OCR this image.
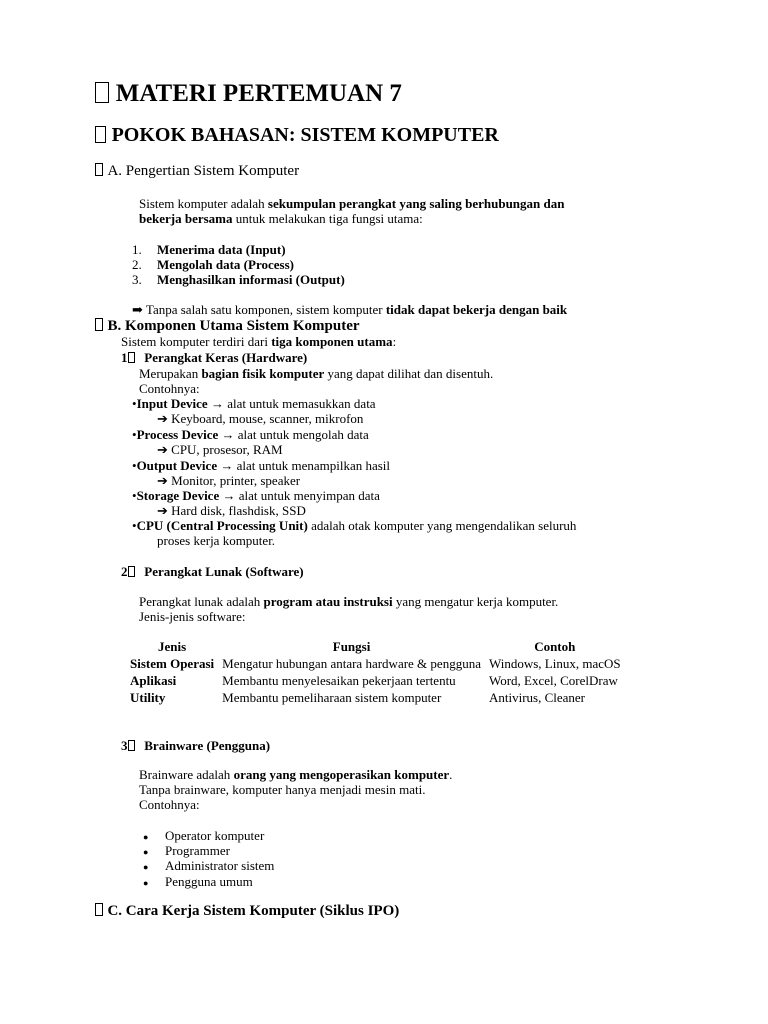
MATERI PERTEMUAN 7
POKOK BAHASAN: SISTEM KOMPUTER
A. Pengertian Sistem Komputer
Sistem komputer adalah sekumpulan perangkat yang saling berhubungan dan
bekerja bersama untuk melakukan tiga fungsi utama:
1. Menerima data (Input)
2. Mengolah data (Process)
3. Menghasilkan informasi (Output)
➡ Tanpa salah satu komponen, sistem komputer tidak dapat bekerja dengan baik
B. Komponen Utama Sistem Komputer
Sistem komputer terdiri dari tiga komponen utama:
1 Perangkat Keras (Hardware)
Merupakan bagian fisik komputer yang dapat dilihat dan disentuh.
Contohnya:
•Input Device → alat untuk memasukkan data
➔ Keyboard, mouse, scanner, mikrofon
•Process Device → alat untuk mengolah data
➔ CPU, prosesor, RAM
•Output Device → alat untuk menampilkan hasil
➔ Monitor, printer, speaker
•Storage Device → alat untuk menyimpan data
➔ Hard disk, flashdisk, SSD
•CPU (Central Processing Unit) adalah otak komputer yang mengendalikan seluruh
proses kerja komputer.
2 Perangkat Lunak (Software)
Perangkat lunak adalah program atau instruksi yang mengatur kerja komputer.
Jenis-jenis software:
Jenis	Fungsi	Contoh
Sistem Operasi	Mengatur hubungan antara hardware & pengguna	Windows, Linux, macOS
Aplikasi	Membantu menyelesaikan pekerjaan tertentu	Word, Excel, CorelDraw
Utility	Membantu pemeliharaan sistem komputer	Antivirus, Cleaner
3 Brainware (Pengguna)
Brainware adalah orang yang mengoperasikan komputer.
Tanpa brainware, komputer hanya menjadi mesin mati.
Contohnya:
● Operator komputer
● Programmer
● Administrator sistem
● Pengguna umum
C. Cara Kerja Sistem Komputer (Siklus IPO)
